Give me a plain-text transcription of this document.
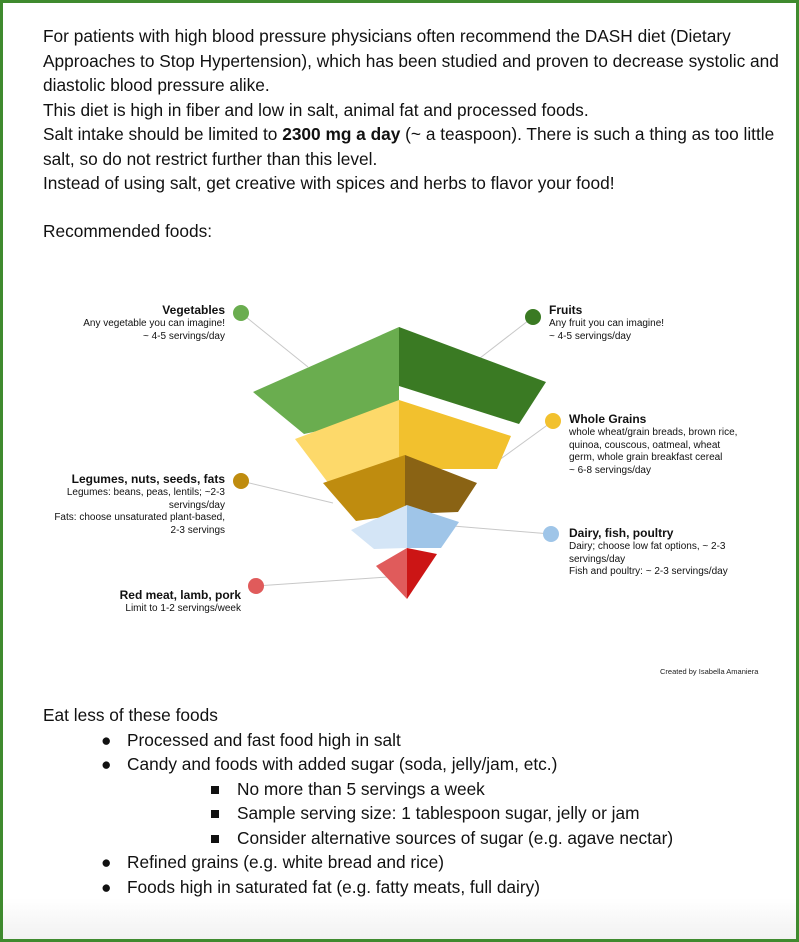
For patients with high blood pressure physicians often recommend the DASH diet (Dietary Approaches to Stop Hypertension), which has been studied and proven to decrease systolic and diastolic blood pressure alike.

This diet is high in fiber and low in salt, animal fat and processed foods.

Salt intake should be limited to 2300 mg a day (~ a teaspoon). There is such a thing as too little salt, so do not restrict further than this level.

Instead of using salt, get creative with spices and herbs to flavor your food!

Recommended foods:
Vegetables
Any vegetable you can imagine!
~ 4-5 servings/day
Fruits
Any fruit you can imagine!
~ 4-5 servings/day
Whole Grains
whole wheat/grain breads, brown rice,
quinoa, couscous, oatmeal, wheat
germ, whole grain breakfast cereal
~ 6-8 servings/day
Legumes, nuts, seeds, fats
Legumes: beans, peas, lentils; ~2-3
servings/day
Fats: choose unsaturated plant-based,
2-3 servings	Dairy, fish, poultry
Dairy; choose low fat options, ~ 2-3
servings/day
Fish and poultry: ~ 2-3 servings/day
Red meat, lamb, pork
Limit to 1-2 servings/week
Created by Isabella Amaniera
Eat less of these foods
● Processed and fast food high in salt
● Candy and foods with added sugar (soda, jelly/jam, etc.)
No more than 5 servings a week
Sample serving size: 1 tablespoon sugar, jelly or jam
Consider alternative sources of sugar (e.g. agave nectar)
● Refined grains (e.g. white bread and rice)
● Foods high in saturated fat (e.g. fatty meats, full dairy)
